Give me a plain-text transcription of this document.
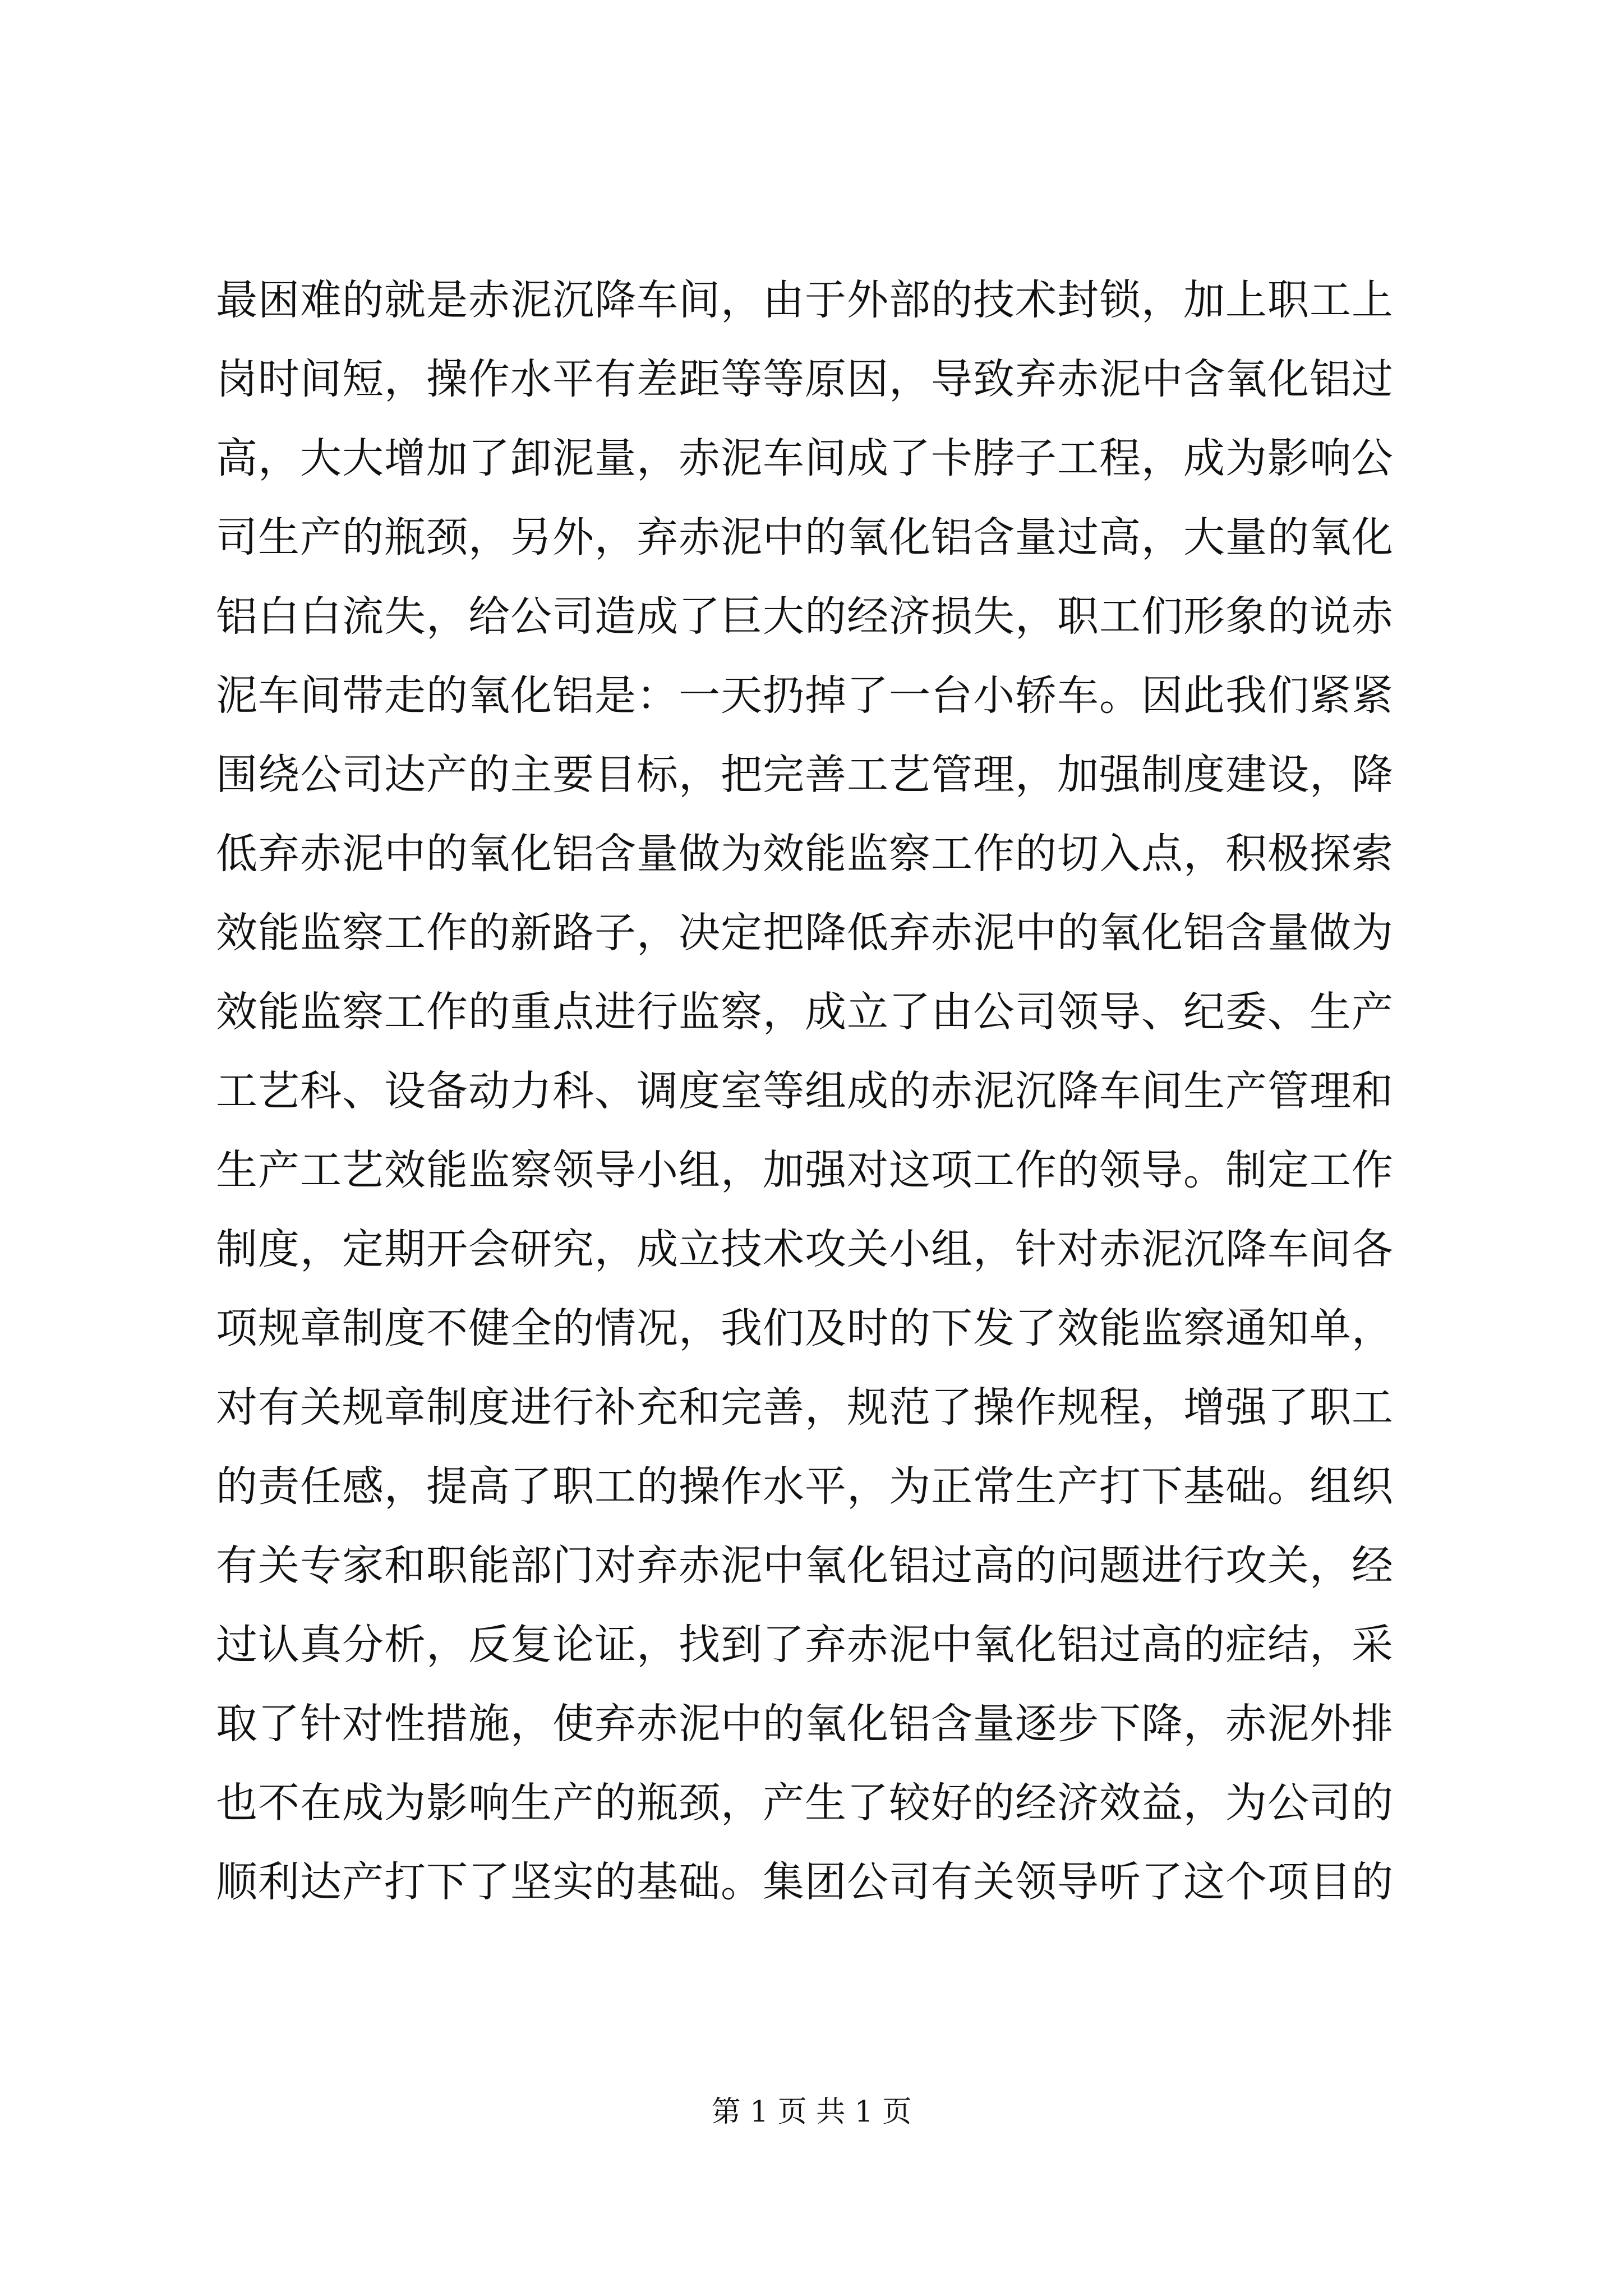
最困难的就是赤泥沉降车间，由于外部的技术封锁，加上职工上
岗时间短，操作水平有差距等等原因，导致弃赤泥中含氧化铝过
高，大大增加了卸泥量，赤泥车间成了卡脖子工程，成为影响公
司生产的瓶颈，另外，弃赤泥中的氧化铝含量过高，大量的氧化
铝白白流失，给公司造成了巨大的经济损失，职工们形象的说赤
泥车间带走的氧化铝是：一天扔掉了一台小轿车。因此我们紧紧
围绕公司达产的主要目标，把完善工艺管理，加强制度建设，降
低弃赤泥中的氧化铝含量做为效能监察工作的切入点，积极探索
效能监察工作的新路子，决定把降低弃赤泥中的氧化铝含量做为
效能监察工作的重点进行监察，成立了由公司领导、纪委、生产
工艺科、设备动力科、调度室等组成的赤泥沉降车间生产管理和
生产工艺效能监察领导小组，加强对这项工作的领导。制定工作
制度，定期开会研究，成立技术攻关小组，针对赤泥沉降车间各
项规章制度不健全的情况，我们及时的下发了效能监察通知单，
对有关规章制度进行补充和完善，规范了操作规程，增强了职工
的责任感，提高了职工的操作水平，为正常生产打下基础。组织
有关专家和职能部门对弃赤泥中氧化铝过高的问题进行攻关，经
过认真分析，反复论证，找到了弃赤泥中氧化铝过高的症结，采
取了针对性措施，使弃赤泥中的氧化铝含量逐步下降，赤泥外排
也不在成为影响生产的瓶颈，产生了较好的经济效益，为公司的
顺利达产打下了坚实的基础。集团公司有关领导听了这个项目的
第 1 页 共 1 页
